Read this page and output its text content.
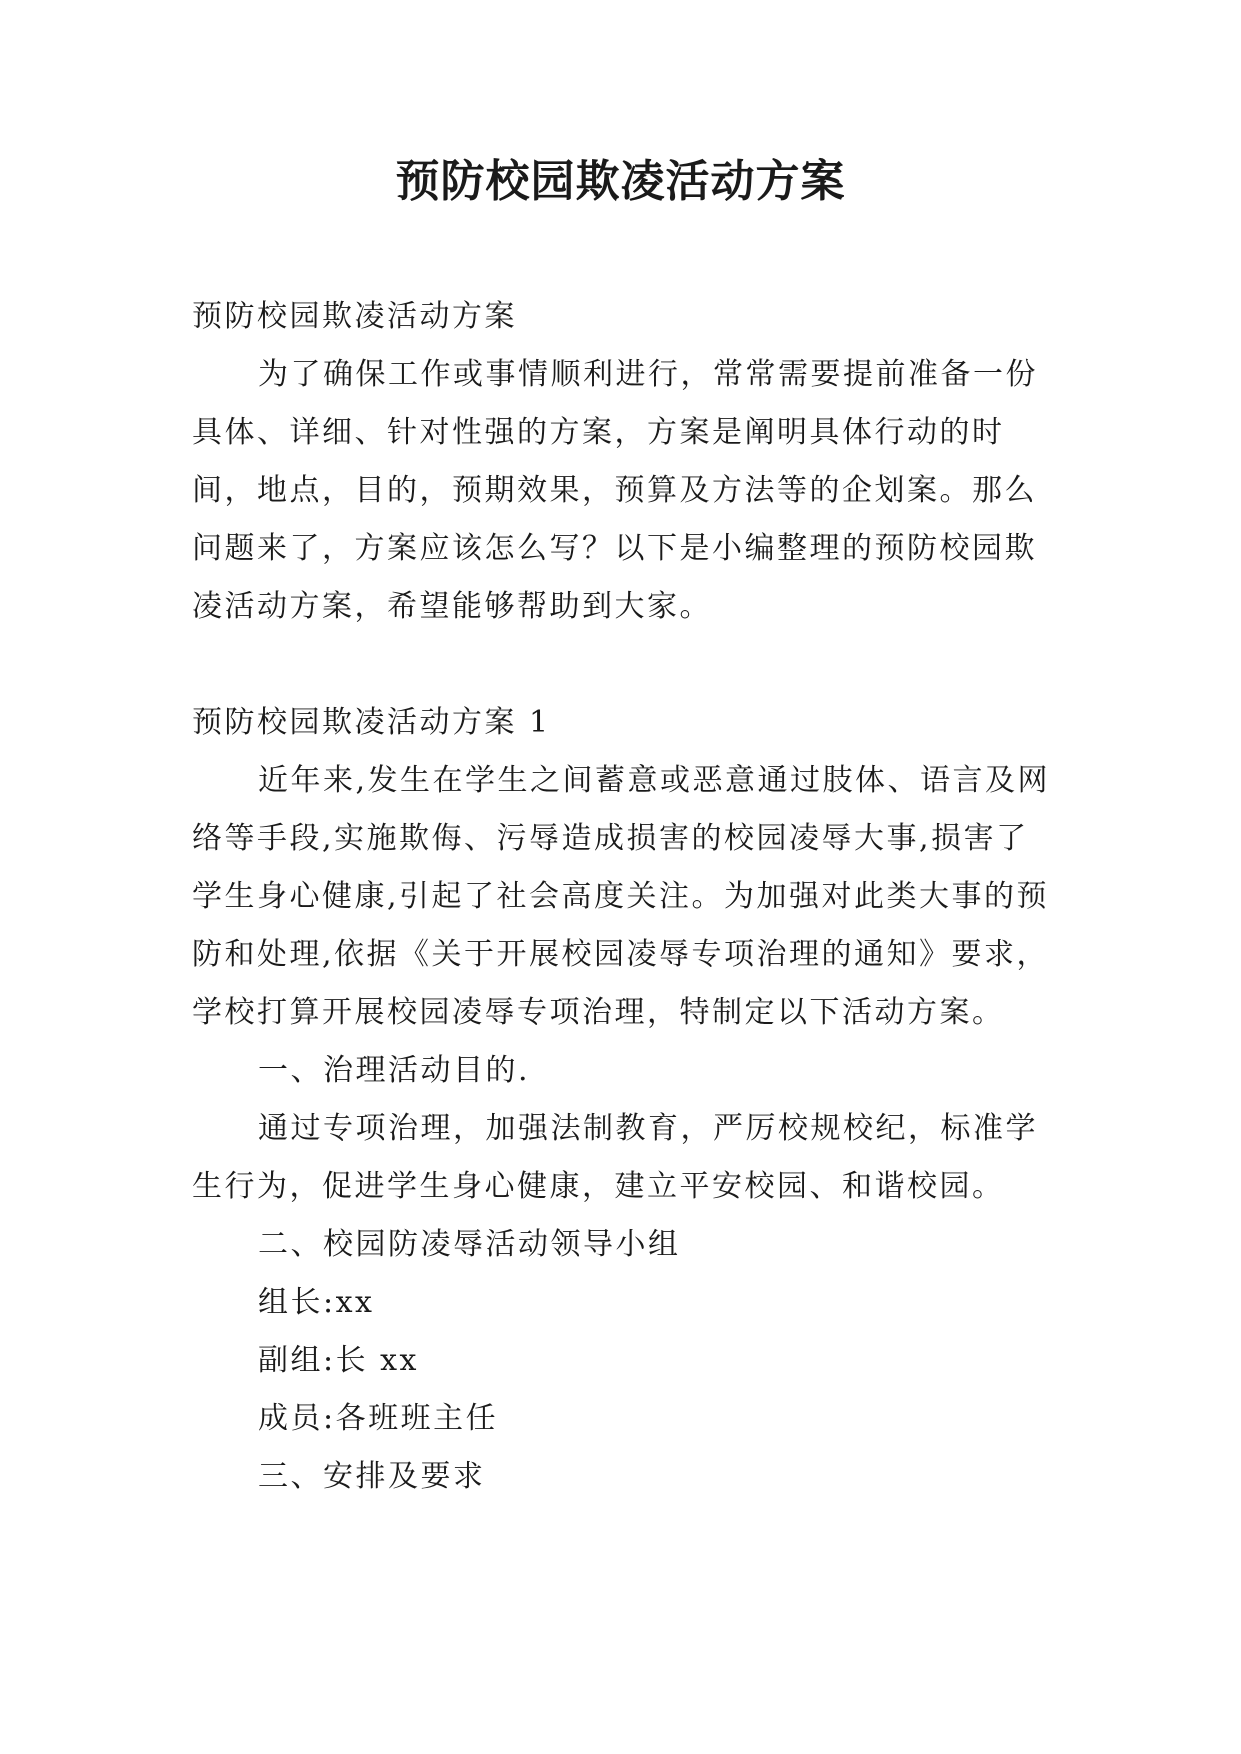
预防校园欺凌活动方案

预防校园欺凌活动方案

为了确保工作或事情顺利进行，常常需要提前准备一份具体、详细、针对性强的方案，方案是阐明具体行动的时间，地点，目的，预期效果，预算及方法等的企划案。那么问题来了，方案应该怎么写？以下是小编整理的预防校园欺凌活动方案，希望能够帮助到大家。

预防校园欺凌活动方案 1

近年来,发生在学生之间蓄意或恶意通过肢体、语言及网络等手段,实施欺侮、污辱造成损害的校园凌辱大事,损害了学生身心健康,引起了社会高度关注。为加强对此类大事的预防和处理,依据《关于开展校园凌辱专项治理的通知》要求，学校打算开展校园凌辱专项治理，特制定以下活动方案。

一、治理活动目的.

通过专项治理，加强法制教育，严厉校规校纪，标准学生行为，促进学生身心健康，建立平安校园、和谐校园。

二、校园防凌辱活动领导小组

组长:xx

副组:长 xx

成员:各班班主任

三、安排及要求
